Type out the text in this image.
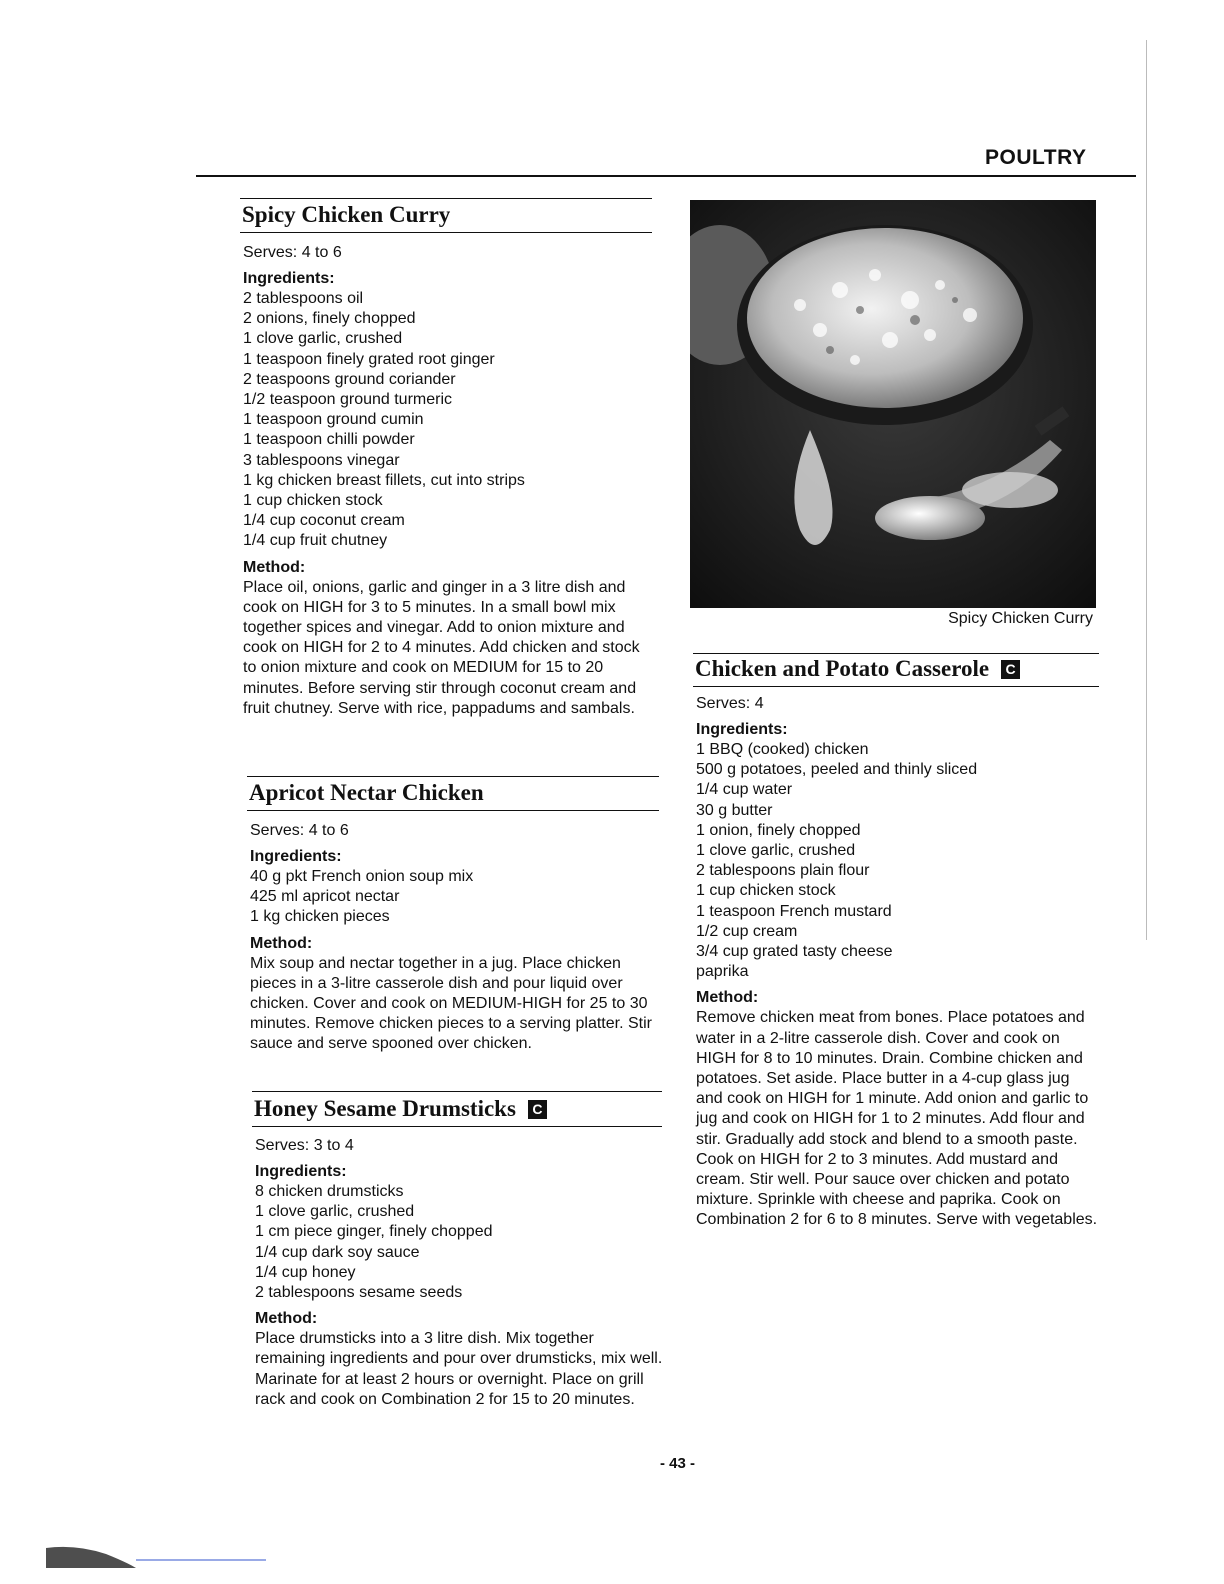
POULTRY
Spicy Chicken Curry
Serves: 4 to 6
Ingredients:
2 tablespoons oil
2 onions, finely chopped
1 clove garlic, crushed
1 teaspoon finely grated root ginger
2 teaspoons ground coriander
1/2 teaspoon ground turmeric
1 teaspoon ground cumin
1 teaspoon chilli powder
3 tablespoons vinegar
1 kg chicken breast fillets, cut into strips
1 cup chicken stock
1/4 cup coconut cream
1/4 cup fruit chutney
Method:

Place oil, onions, garlic and ginger in a 3 litre dish and cook on HIGH for 3 to 5 minutes. In a small bowl mix together spices and vinegar. Add to onion mixture and cook on HIGH for 2 to 4 minutes. Add chicken and stock to onion mixture and cook on MEDIUM for 15 to 20 minutes. Before serving stir through coconut cream and fruit chutney. Serve with rice, pappadums and sambals.

Apricot Nectar Chicken
Serves: 4 to 6
Ingredients:
40 g pkt French onion soup mix
425 ml apricot nectar
1 kg chicken pieces
Method:

Mix soup and nectar together in a jug. Place chicken pieces in a 3-litre casserole dish and pour liquid over chicken. Cover and cook on MEDIUM-HIGH for 25 to 30 minutes. Remove chicken pieces to a serving platter. Stir sauce and serve spooned over chicken.

Honey Sesame Drumsticks C
Serves: 3 to 4
Ingredients:
8 chicken drumsticks
1 clove garlic, crushed
1 cm piece ginger, finely chopped
1/4 cup dark soy sauce
1/4 cup honey
2 tablespoons sesame seeds
Method:

Place drumsticks into a 3 litre dish. Mix together remaining ingredients and pour over drumsticks, mix well. Marinate for at least 2 hours or overnight. Place on grill rack and cook on Combination 2 for 15 to 20 minutes.

Spicy Chicken Curry
Chicken and Potato Casserole C
Serves: 4
Ingredients:
1 BBQ (cooked) chicken
500 g potatoes, peeled and thinly sliced
1/4 cup water
30 g butter
1 onion, finely chopped
1 clove garlic, crushed
2 tablespoons plain flour
1 cup chicken stock
1 teaspoon French mustard
1/2 cup cream
3/4 cup grated tasty cheese
paprika
Method:

Remove chicken meat from bones. Place potatoes and water in a 2-litre casserole dish. Cover and cook on HIGH for 8 to 10 minutes. Drain. Combine chicken and potatoes. Set aside. Place butter in a 4-cup glass jug and cook on HIGH for 1 minute. Add onion and garlic to jug and cook on HIGH for 1 to 2 minutes. Add flour and stir. Gradually add stock and blend to a smooth paste. Cook on HIGH for 2 to 3 minutes. Add mustard and cream. Stir well. Pour sauce over chicken and potato mixture. Sprinkle with cheese and paprika. Cook on Combination 2 for 6 to 8 minutes. Serve with vegetables.

- 43 -
